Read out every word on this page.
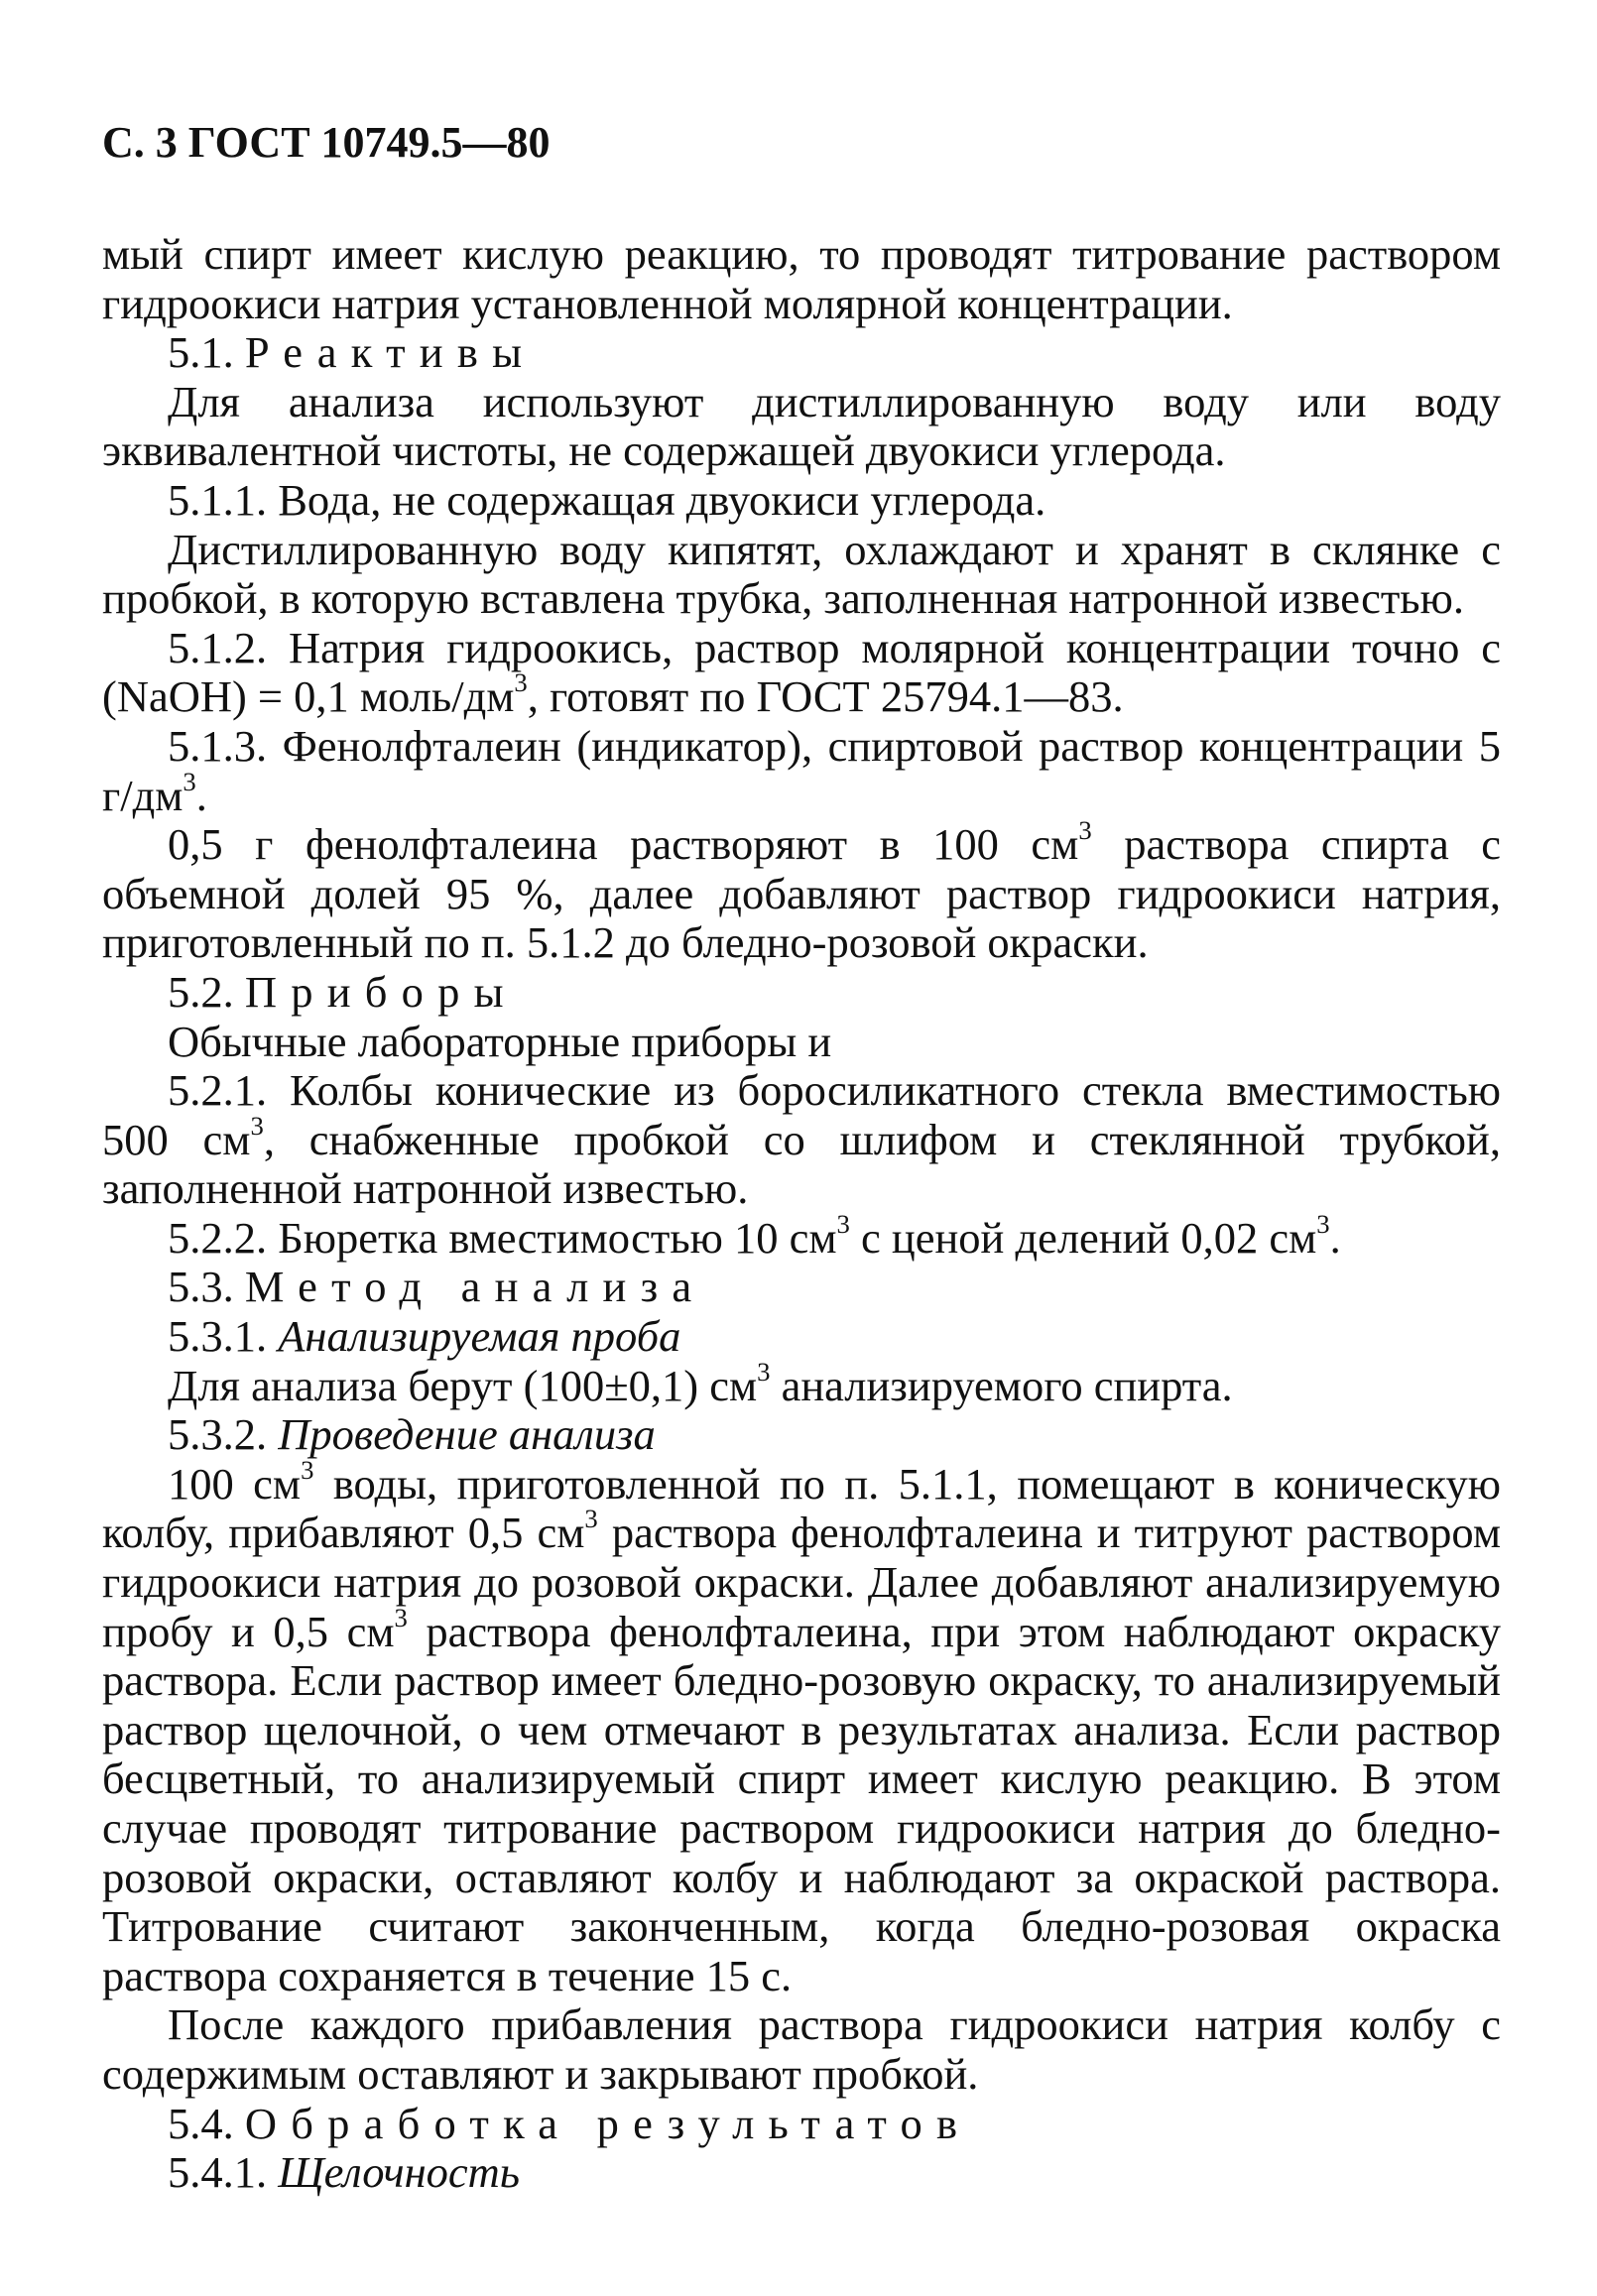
С. 3 ГОСТ 10749.5—80

мый спирт имеет кислую реакцию, то проводят титрование раствором гидроокиси натрия установленной молярной концентрации.

5.1. Реактивы

Для анализа используют дистиллированную воду или воду эквивалентной чистоты, не содержащей двуокиси углерода.

5.1.1. Вода, не содержащая двуокиси углерода.

Дистиллированную воду кипятят, охлаждают и хранят в склянке с пробкой, в которую вставлена трубка, заполненная натронной известью.

5.1.2. Натрия гидроокись, раствор молярной концентрации точно c (NaOH) = 0,1 моль/$дм^3$, готовят по ГОСТ 25794.1—83.

5.1.3. Фенолфталеин (индикатор), спиртовой раствор концентрации 5 $г/дм^3$.

0,5 г фенолфталеина растворяют в 100 $см^3$ раствора спирта с объемной долей 95 %, далее добавляют раствор гидроокиси натрия, приготовленный по п. 5.1.2 до бледно-розовой окраски.

5.2. Приборы

Обычные лабораторные приборы и

5.2.1. Колбы конические из боросиликатного стекла вместимостью 500 $см^3$, снабженные пробкой со шлифом и стеклянной трубкой, заполненной натронной известью.

5.2.2. Бюретка вместимостью 10 $см^3$ с ценой делений 0,02 $см^3$.

5.3. Метод анализа

5.3.1. Анализируемая проба

Для анализа берут (100±0,1) $см^3$ анализируемого спирта.

5.3.2. Проведение анализа

100 $см^3$ воды, приготовленной по п. 5.1.1, помещают в коническую колбу, прибавляют 0,5 $см^3$ раствора фенолфталеина и титруют раствором гидроокиси натрия до розовой окраски. Далее добавляют анализируемую пробу и 0,5 $см^3$ раствора фенолфталеина, при этом наблюдают окраску раствора. Если раствор имеет бледно-розовую окраску, то анализируемый раствор щелочной, о чем отмечают в результатах анализа. Если раствор бесцветный, то анализируемый спирт имеет кислую реакцию. В этом случае проводят титрование раствором гидроокиси натрия до бледно-розовой окраски, оставляют колбу и наблюдают за окраской раствора. Титрование считают законченным, когда бледно-розовая окраска раствора сохраняется в течение 15 с.

После каждого прибавления раствора гидроокиси натрия колбу с содержимым оставляют и закрывают пробкой.

5.4. Обработка результатов

5.4.1. Щелочность
